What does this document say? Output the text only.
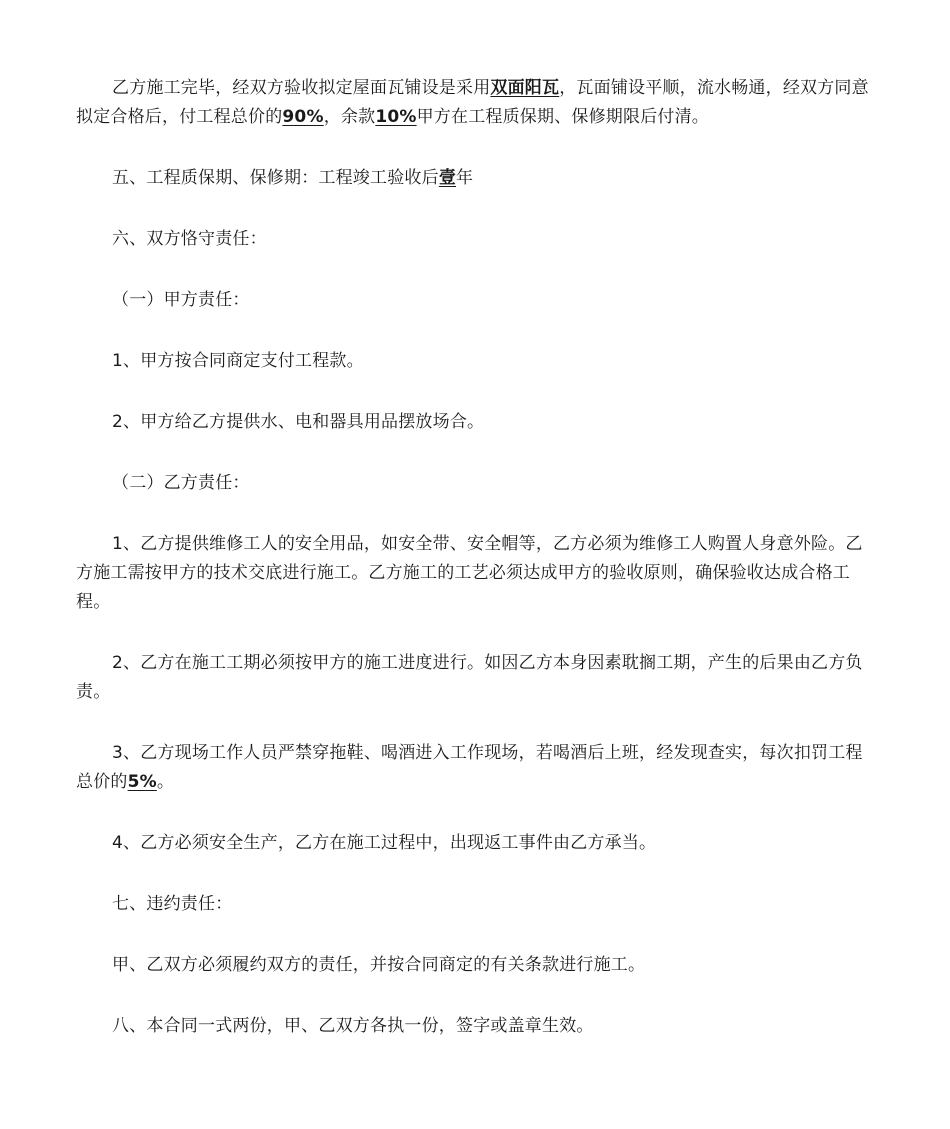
乙方施工完毕，经双方验收拟定屋面瓦铺设是采用双面阳瓦，瓦面铺设平顺，流水畅通，经双方同意拟定合格后，付工程总价的90%，余款10%甲方在工程质保期、保修期限后付清。

五、工程质保期、保修期：工程竣工验收后壹年

六、双方恪守责任：

（一）甲方责任：

1、甲方按合同商定支付工程款。

2、甲方给乙方提供水、电和器具用品摆放场合。

（二）乙方责任：

1、乙方提供维修工人的安全用品，如安全带、安全帽等，乙方必须为维修工人购置人身意外险。乙方施工需按甲方的技术交底进行施工。乙方施工的工艺必须达成甲方的验收原则，确保验收达成合格工程。

2、乙方在施工工期必须按甲方的施工进度进行。如因乙方本身因素耽搁工期，产生的后果由乙方负责。

3、乙方现场工作人员严禁穿拖鞋、喝酒进入工作现场，若喝酒后上班，经发现查实，每次扣罚工程总价的5%。

4、乙方必须安全生产，乙方在施工过程中，出现返工事件由乙方承当。

七、违约责任：

甲、乙双方必须履约双方的责任，并按合同商定的有关条款进行施工。

八、本合同一式两份，甲、乙双方各执一份，签字或盖章生效。
